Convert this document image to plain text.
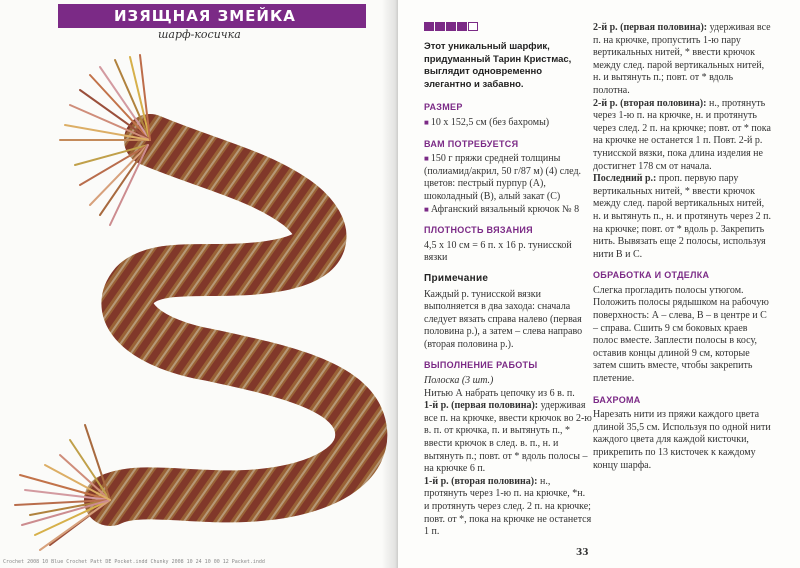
ИЗЯЩНАЯ ЗМЕЙКА
шарф-косичка
Crochet 2008 10 Blue Crochet Patt DE Pocket.indd Chunky 2008 10 24 10 00 12 Packet.indd

Этот уникальный шарфик, придуманный Тарин Кристмас, выглядит одновременно элегантно и забавно.

РАЗМЕР

■ 10 х 152,5 см (без бахромы)

ВАМ ПОТРЕБУЕТСЯ

■ 150 г пряжи средней толщины (полиамид/акрил, 50 г/87 м) (4) след. цветов: пестрый пурпур (А), шоколадный (В), алый закат (С)

■ Афганский вязальный крючок № 8

ПЛОТНОСТЬ ВЯЗАНИЯ

4,5 х 10 см = 6 п. х 16 р. тунисской вязки

Примечание

Каждый р. тунисской вязки выполняется в два захода: сначала следует вязать справа налево (первая половина р.), а затем – слева направо (вторая половина р.).

ВЫПОЛНЕНИЕ РАБОТЫ

Полоска (3 шт.)

Нитью А набрать цепочку из 6 в. п.

1-й р. (первая половина): удерживая все п. на крючке, ввести крючок во 2-ю в. п. от крючка, п. и вытянуть п., * ввести крючок в след. в. п., н. и вытянуть п.; повт. от * вдоль полосы – на крючке 6 п.

1-й р. (вторая половина): н., протянуть через 1-ю п. на крючке, *н. и протянуть через след. 2 п. на крючке; повт. от *, пока на крючке не останется 1 п.

2-й р. (первая половина): удерживая все п. на крючке, пропустить 1-ю пару вертикальных нитей, * ввести крючок между след. парой вертикальных нитей, н. и вытянуть п.; повт. от * вдоль полотна.

2-й р. (вторая половина): н., протянуть через 1-ю п. на крючке, н. и протянуть через след. 2 п. на крючке; повт. от * пока на крючке не останется 1 п. Повт. 2-й р. тунисской вязки, пока длина изделия не достигнет 178 см от начала.

Последний р.: проп. первую пару вертикальных нитей, * ввести крючок между след. парой вертикальных нитей, н. и вытянуть п., н. и протянуть через 2 п. на крючке; повт. от * вдоль р. Закрепить нить. Вывязать еще 2 полосы, используя нити В и С.

ОБРАБОТКА И ОТДЕЛКА

Слегка прогладить полосы утюгом. Положить полосы рядышком на рабочую поверхность: А – слева, В – в центре и С – справа. Сшить 9 см боковых краев полос вместе. Заплести полосы в косу, оставив концы длиной 9 см, которые затем сшить вместе, чтобы закрепить плетение.

БАХРОМА

Нарезать нити из пряжи каждого цвета длиной 35,5 см. Используя по одной нити каждого цвета для каждой кисточки, прикрепить по 13 кисточек к каждому концу шарфа.

33
